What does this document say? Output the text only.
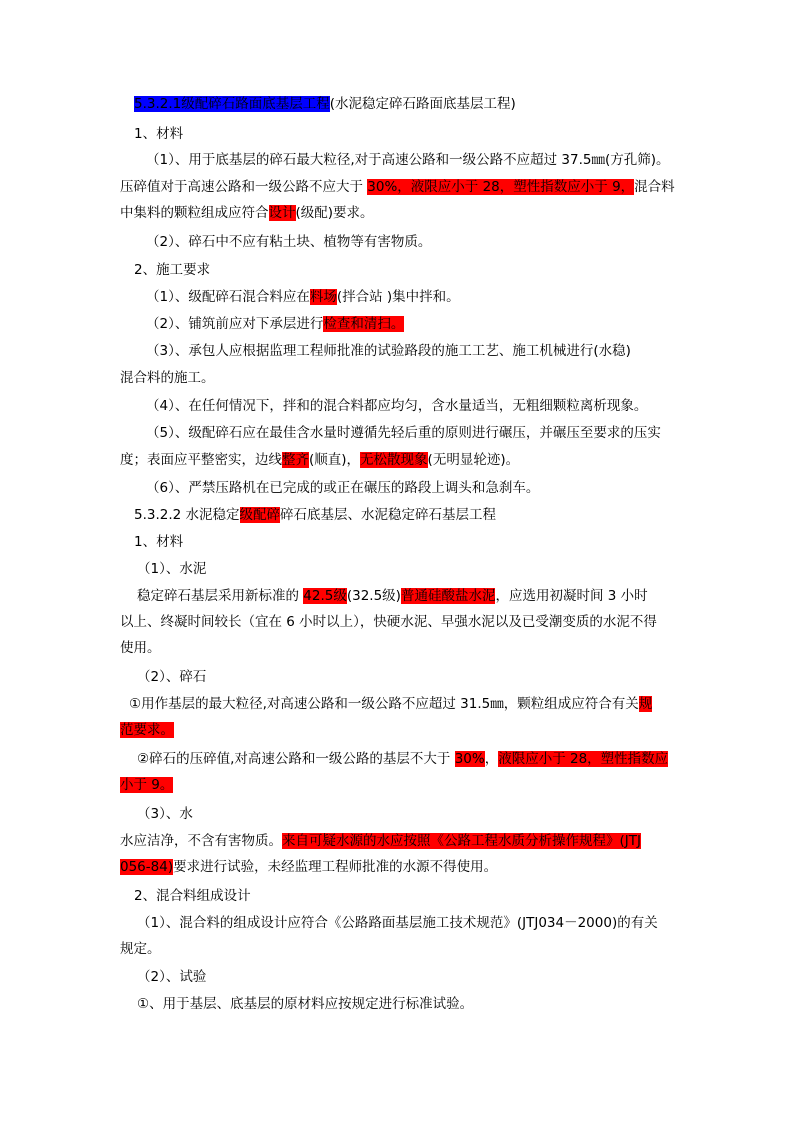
5.3.2.1级配碎石路面底基层工程(水泥稳定碎石路面底基层工程)

1、材料

（1）、用于底基层的碎石最大粒径,对于高速公路和一级公路不应超过 37.5㎜(方孔筛)。

压碎值对于高速公路和一级公路不应大于 30%，液限应小于 28，塑性指数应小于 9，混合料

中集料的颗粒组成应符合设计(级配)要求。

（2）、碎石中不应有粘土块、植物等有害物质。

2、施工要求

（1）、级配碎石混合料应在料场(拌合站 )集中拌和。

（2）、铺筑前应对下承层进行检查和清扫。

（3）、承包人应根据监理工程师批准的试验路段的施工工艺、施工机械进行(水稳)

混合料的施工。

（4）、在任何情况下，拌和的混合料都应均匀，含水量适当，无粗细颗粒离析现象。

（5）、级配碎石应在最佳含水量时遵循先轻后重的原则进行碾压，并碾压至要求的压实

度；表面应平整密实，边线整齐(顺直)，无松散现象(无明显轮迹)。

（6）、严禁压路机在已完成的或正在碾压的路段上调头和急刹车。

5.3.2.2 水泥稳定级配碎碎石底基层、水泥稳定碎石基层工程

1、材料

（1）、水泥

稳定碎石基层采用新标准的 42.5级(32.5级)普通硅酸盐水泥，应选用初凝时间 3 小时

以上、终凝时间较长（宜在 6 小时以上），快硬水泥、早强水泥以及已受潮变质的水泥不得

使用。

（2）、碎石

①用作基层的最大粒径,对高速公路和一级公路不应超过 31.5㎜，颗粒组成应符合有关规

范要求。

②碎石的压碎值,对高速公路和一级公路的基层不大于 30%，液限应小于 28，塑性指数应

小于 9。

（3）、水

水应洁净，不含有害物质。来自可疑水源的水应按照《公路工程水质分析操作规程》(JTJ

056-84)要求进行试验，未经监理工程师批准的水源不得使用。

2、混合料组成设计

（1）、混合料的组成设计应符合《公路路面基层施工技术规范》(JTJ034－2000)的有关

规定。

（2）、试验

①、用于基层、底基层的原材料应按规定进行标准试验。
